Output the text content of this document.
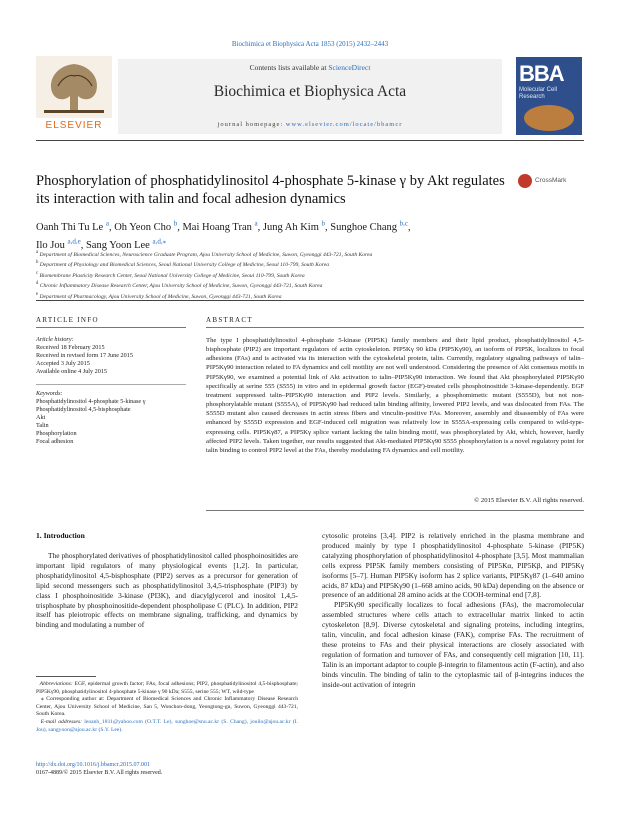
Biochimica et Biophysica Acta 1853 (2015) 2432–2443
ELSEVIER
Contents lists available at ScienceDirect
Biochimica et Biophysica Acta
journal homepage: www.elsevier.com/locate/bbamcr
BBA
Molecular Cell Research
Phosphorylation of phosphatidylinositol 4-phosphate 5-kinase γ by Akt regulates its interaction with talin and focal adhesion dynamics
CrossMark
Oanh Thi Tu Le $^a$, Oh Yeon Cho $^b$, Mai Hoang Tran $^a$, Jung Ah Kim $^b$, Sunghoe Chang $^{b,c}$,
Ilo Jou $^{a,d,e}$, Sang Yoon Lee $^{a,d,⁎}$
$^a$ Department of Biomedical Sciences, Neuroscience Graduate Program, Ajou University School of Medicine, Suwon, Gyeonggi 443-721, South Korea
$^b$ Department of Physiology and Biomedical Sciences, Seoul National University College of Medicine, Seoul 110-799, South Korea
$^c$ Biomembrane Plasticity Research Center, Seoul National University College of Medicine, Seoul 110-799, South Korea
$^d$ Chronic Inflammatory Disease Research Center, Ajou University School of Medicine, Suwon, Gyeonggi 443-721, South Korea
$^e$ Department of Pharmacology, Ajou University School of Medicine, Suwon, Gyeonggi 443-721, South Korea
ARTICLE INFO
Article history:
Received 18 February 2015
Received in revised form 17 June 2015
Accepted 3 July 2015
Available online 4 July 2015
Keywords:
Phosphatidylinositol 4-phosphate 5-kinase γ
Phosphatidylinositol 4,5-bisphosphate
Akt
Talin
Phosphorylation
Focal adhesion
ABSTRACT
The type I phosphatidylinositol 4-phosphate 5-kinase (PIP5K) family members and their lipid product, phosphatidylinositol 4,5-bisphosphate (PIP2) are important regulators of actin cytoskeleton. PIP5Kγ 90 kDa (PIP5Kγ90), an isoform of PIP5K, localizes to focal adhesions (FAs) and is activated via its interaction with the cytoskeletal protein, talin. Currently, regulatory signaling pathways of talin–PIP5Kγ90 interaction related to FA dynamics and cell motility are not well understood. Considering the presence of Akt consensus motifs in PIP5Kγ90, we examined a potential link of Akt activation to talin–PIP5Kγ90 interaction. We found that Akt phosphorylated PIP5Kγ90 specifically at serine 555 (S555) in vitro and in epidermal growth factor (EGF)-treated cells phosphoinositide 3-kinase-dependently. EGF treatment suppressed talin–PIP5Kγ90 interaction and PIP2 levels. Similarly, a phosphomimetic mutant (S555D), but not non-phosphorylatable mutant (S555A), of PIP5Kγ90 had reduced talin binding affinity, lowered PIP2 levels, and was dislocated from FAs. The S555D mutant also caused decreases in actin stress fibers and vinculin-positive FAs. Moreover, assembly and disassembly of FAs were enhanced by S555D expression and EGF-induced cell migration was relatively low in S555A-expressing cells compared to wild-type-expressing cells. PIP5Kγ87, a PIP5Kγ splice variant lacking the talin binding motif, was phosphorylated by Akt, which, however, hardly affected PIP2 levels. Taken together, our results suggested that Akt-mediated PIP5Kγ90 S555 phosphorylation is a novel regulatory point for talin binding to control PIP2 level at the FAs, thereby modulating FA dynamics and cell motility.
© 2015 Elsevier B.V. All rights reserved.
1. Introduction

The phosphorylated derivatives of phosphatidylinositol called phosphoinositides are important lipid regulators of many physiological events [1,2]. In particular, phosphatidylinositol 4,5-bisphosphate (PIP2) serves as a precursor for generation of lipid second messengers such as phosphatidylinositol 3,4,5-trisphosphate (PIP3) by class I phosphoinositide 3-kinase (PI3K), and diacylglycerol and inositol 1,4,5-trisphosphate by phosphoinositide-dependent phospholipase C (PLC). In addition, PIP2 itself has pleiotropic effects on membrane signaling, trafficking, and dynamics by binding and modulating a number of

Abbreviations: EGF, epidermal growth factor; FAs, focal adhesions; PIP2, phosphatidylinositol 4,5-bisphosphate; PIP5Kγ90, phosphatidylinositol 4-phosphate 5-kinase γ 90 kDa; S555, serine 555; WT, wild-type
⁎ Corresponding author at: Department of Biomedical Sciences and Chronic Inflammatory Disease Research Center, Ajou University School of Medicine, San 5, Wonchon-dong, Yeongtong-gu, Suwon, Gyeonggi 443-721, South Korea.
E-mail addresses: leoanh_1811@yahoo.com (O.T.T. Le), sunghoe@snu.ac.kr (S. Chang), jouilo@ajou.ac.kr (I. Jou), sangyoon@ajou.ac.kr (S.Y. Lee).
http://dx.doi.org/10.1016/j.bbamcr.2015.07.001
0167-4889/© 2015 Elsevier B.V. All rights reserved.

cytosolic proteins [3,4]. PIP2 is relatively enriched in the plasma membrane and produced mainly by type I phosphatidylinositol 4-phosphate 5-kinase (PIP5K) catalyzing phosphorylation of phosphatidylinositol 4-phosphate [3,5]. Most mammalian cells express PIP5K family members consisting of PIP5Kα, PIP5Kβ, and PIP5Kγ isoforms [5–7]. Human PIP5Kγ isoform has 2 splice variants, PIP5Kγ87 (1–640 amino acids, 87 kDa) and PIP5Kγ90 (1–668 amino acids, 90 kDa) depending on the absence or presence of an additional 28 amino acids at the COOH-terminal end [7,8].

PIP5Kγ90 specifically localizes to focal adhesions (FAs), the macromolecular assembled structures where cells attach to extracellular matrix linked to actin cytoskeleton [8,9]. Diverse cytoskeletal and signaling proteins, including integrins, talin, vinculin, and focal adhesion kinase (FAK), comprise FAs. The recruitment of these proteins to FAs and their physical interactions are closely associated with regulation of formation and turnover of FAs, and consequently cell migration [10, 11]. Talin is an important adaptor to couple β-integrin to filamentous actin (F-actin), and also binds vinculin. The binding of talin to the cytoplasmic tail of β-integrins induces the inside-out activation of integrin
